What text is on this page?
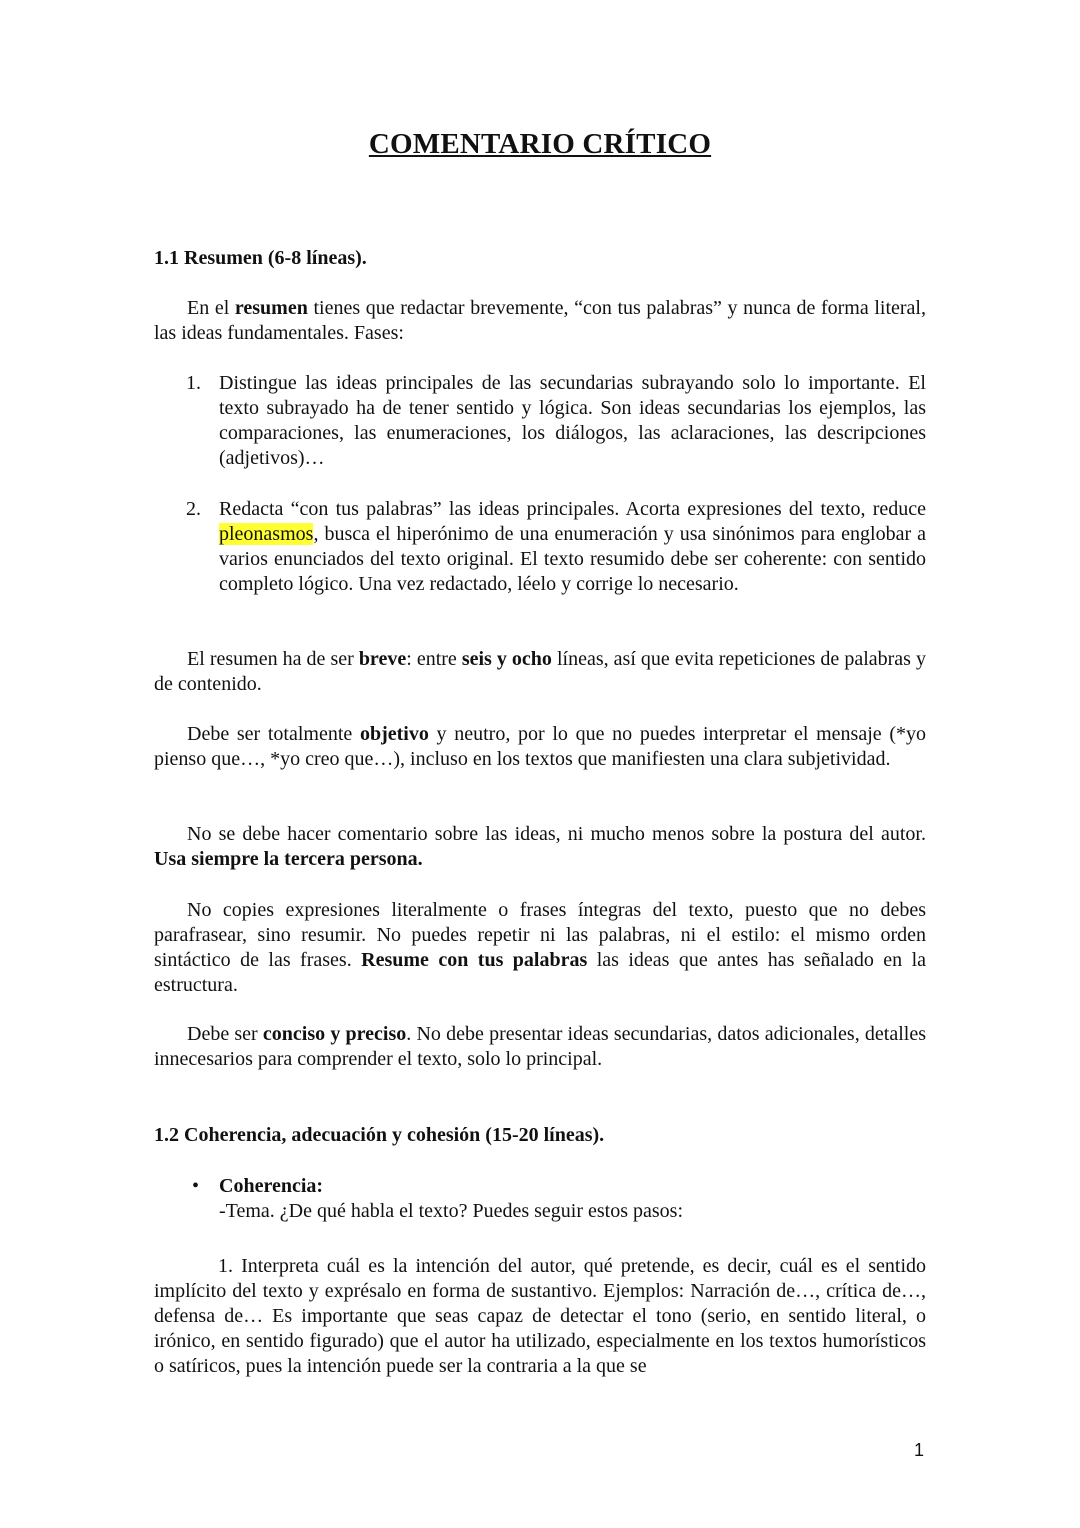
COMENTARIO CRÍTICO
1.1 Resumen (6-8 líneas).

En el resumen tienes que redactar brevemente, “con tus palabras” y nunca de forma literal, las ideas fundamentales. Fases:

1. Distingue las ideas principales de las secundarias subrayando solo lo importante. El texto subrayado ha de tener sentido y lógica. Son ideas secundarias los ejemplos, las comparaciones, las enumeraciones, los diálogos, las aclaraciones, las descripciones (adjetivos)…
2. Redacta “con tus palabras” las ideas principales. Acorta expresiones del texto, reduce pleonasmos, busca el hiperónimo de una enumeración y usa sinónimos para englobar a varios enunciados del texto original. El texto resumido debe ser coherente: con sentido completo lógico. Una vez redactado, léelo y corrige lo necesario.

El resumen ha de ser breve: entre seis y ocho líneas, así que evita repeticiones de palabras y de contenido.

Debe ser totalmente objetivo y neutro, por lo que no puedes interpretar el mensaje (*yo pienso que…, *yo creo que…), incluso en los textos que manifiesten una clara subjetividad.

No se debe hacer comentario sobre las ideas, ni mucho menos sobre la postura del autor. Usa siempre la tercera persona.

No copies expresiones literalmente o frases íntegras del texto, puesto que no debes parafrasear, sino resumir. No puedes repetir ni las palabras, ni el estilo: el mismo orden sintáctico de las frases. Resume con tus palabras las ideas que antes has señalado en la estructura.

Debe ser conciso y preciso. No debe presentar ideas secundarias, datos adicionales, detalles innecesarios para comprender el texto, solo lo principal.

1.2 Coherencia, adecuación y cohesión (15-20 líneas).
• Coherencia:
-Tema. ¿De qué habla el texto? Puedes seguir estos pasos:

1. Interpreta cuál es la intención del autor, qué pretende, es decir, cuál es el sentido implícito del texto y exprésalo en forma de sustantivo. Ejemplos: Narración de…, crítica de…, defensa de… Es importante que seas capaz de detectar el tono (serio, en sentido literal, o irónico, en sentido figurado) que el autor ha utilizado, especialmente en los textos humorísticos o satíricos, pues la intención puede ser la contraria a la que se

1
